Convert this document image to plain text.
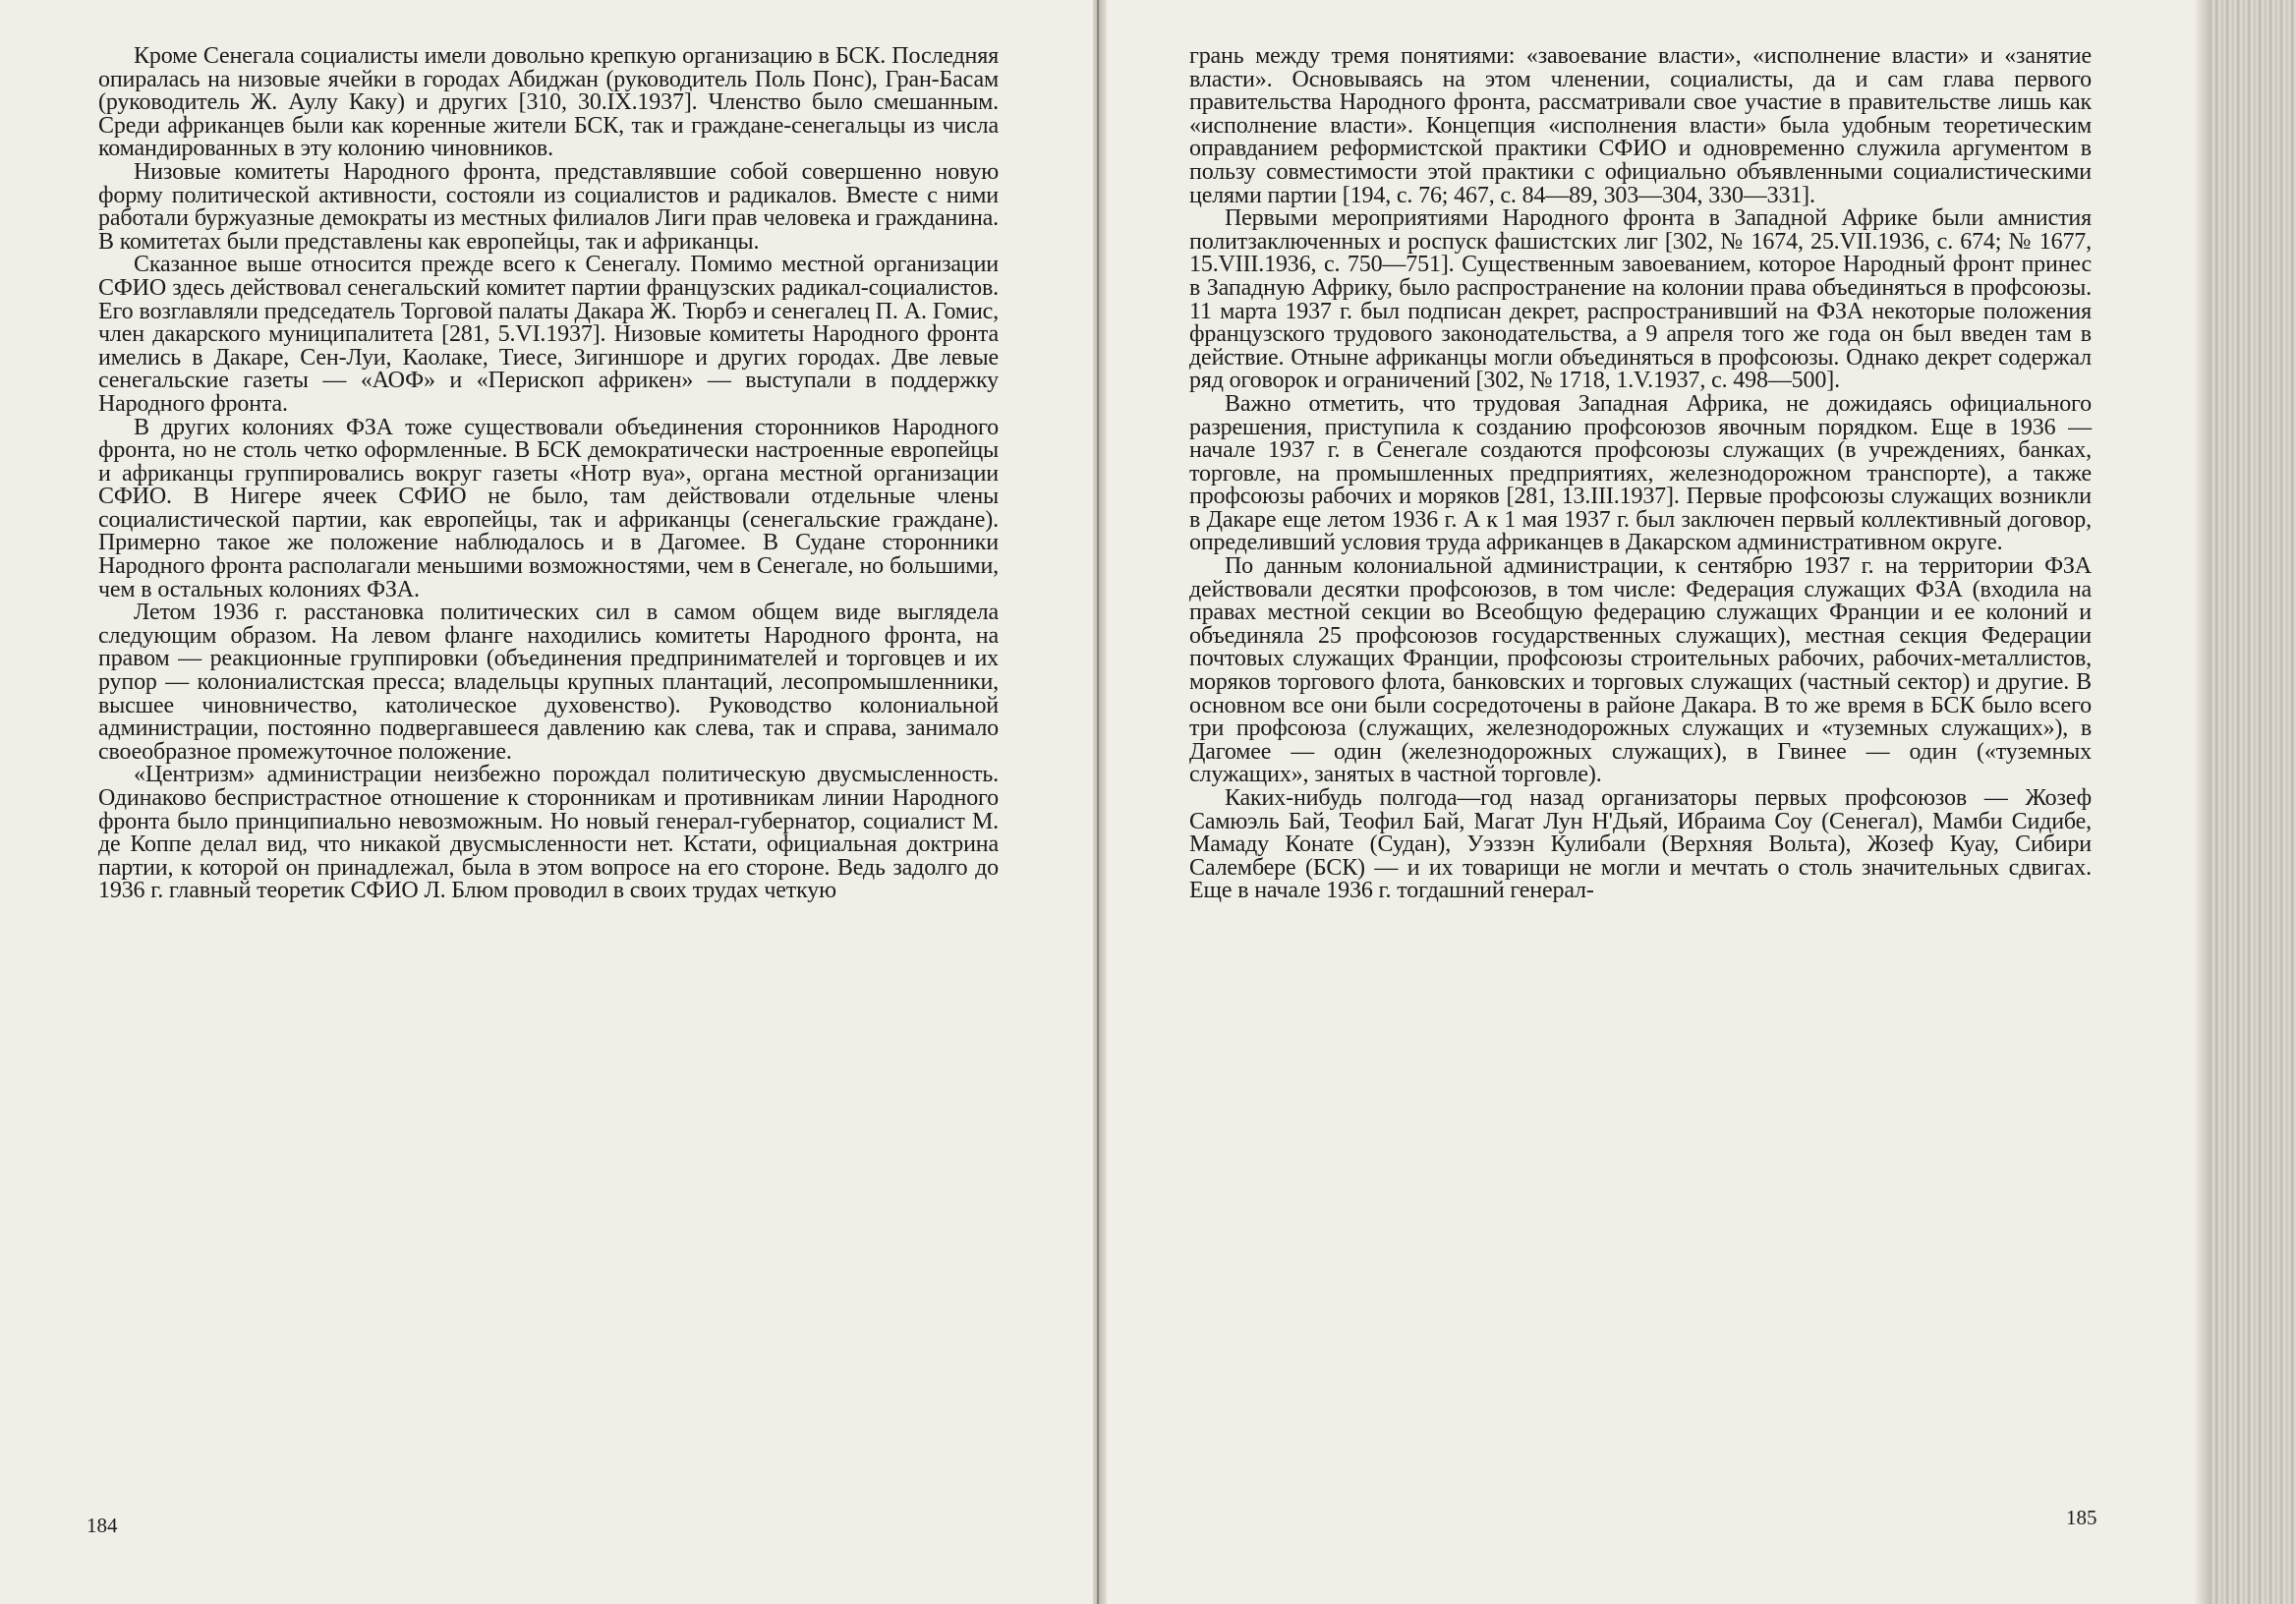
Кроме Сенегала социалисты имели довольно крепкую организацию в БСК. Последняя опиралась на низовые ячейки в городах Абиджан (руководитель Поль Понс), Гран-Басам (руководитель Ж. Аулу Каку) и других [310, 30.IX.1937]. Членство было смешанным. Среди африканцев были как коренные жители БСК, так и граждане-сенегальцы из числа командированных в эту колонию чиновников.

Низовые комитеты Народного фронта, представлявшие собой совершенно новую форму политической активности, состояли из социалистов и радикалов. Вместе с ними работали буржуазные демократы из местных филиалов Лиги прав человека и гражданина. В комитетах были представлены как европейцы, так и африканцы.

Сказанное выше относится прежде всего к Сенегалу. Помимо местной организации СФИО здесь действовал сенегальский комитет партии французских радикал-социалистов. Его возглавляли председатель Торговой палаты Дакара Ж. Тюрбэ и сенегалец П. А. Гомис, член дакарского муниципалитета [281, 5.VI.1937]. Низовые комитеты Народного фронта имелись в Дакаре, Сен-Луи, Каолаке, Тиесе, Зигиншоре и других городах. Две левые сенегальские газеты — «АОФ» и «Перископ африкен» — выступали в поддержку Народного фронта.

В других колониях ФЗА тоже существовали объединения сторонников Народного фронта, но не столь четко оформленные. В БСК демократически настроенные европейцы и африканцы группировались вокруг газеты «Нотр вуа», органа местной организации СФИО. В Нигере ячеек СФИО не было, там действовали отдельные члены социалистической партии, как европейцы, так и африканцы (сенегальские граждане). Примерно такое же положение наблюдалось и в Дагомее. В Судане сторонники Народного фронта располагали меньшими возможностями, чем в Сенегале, но большими, чем в остальных колониях ФЗА.

Летом 1936 г. расстановка политических сил в самом общем виде выглядела следующим образом. На левом фланге находились комитеты Народного фронта, на правом — реакционные группировки (объединения предпринимателей и торговцев и их рупор — колониалистская пресса; владельцы крупных плантаций, лесопромышленники, высшее чиновничество, католическое духовенство). Руководство колониальной администрации, постоянно подвергавшееся давлению как слева, так и справа, занимало своеобразное промежуточное положение.

«Центризм» администрации неизбежно порождал политическую двусмысленность. Одинаково беспристрастное отношение к сторонникам и противникам линии Народного фронта было принципиально невозможным. Но новый генерал-губернатор, социалист М. де Коппе делал вид, что никакой двусмысленности нет. Кстати, официальная доктрина партии, к которой он принадлежал, была в этом вопросе на его стороне. Ведь задолго до 1936 г. главный теоретик СФИО Л. Блюм проводил в своих трудах четкую

184

грань между тремя понятиями: «завоевание власти», «исполнение власти» и «занятие власти». Основываясь на этом членении, социалисты, да и сам глава первого правительства Народного фронта, рассматривали свое участие в правительстве лишь как «исполнение власти». Концепция «исполнения власти» была удобным теоретическим оправданием реформистской практики СФИО и одновременно служила аргументом в пользу совместимости этой практики с официально объявленными социалистическими целями партии [194, с. 76; 467, с. 84—89, 303—304, 330—331].

Первыми мероприятиями Народного фронта в Западной Африке были амнистия политзаключенных и роспуск фашистских лиг [302, № 1674, 25.VII.1936, с. 674; № 1677, 15.VIII.1936, с. 750—751]. Существенным завоеванием, которое Народный фронт принес в Западную Африку, было распространение на колонии права объединяться в профсоюзы. 11 марта 1937 г. был подписан декрет, распространивший на ФЗА некоторые положения французского трудового законодательства, а 9 апреля того же года он был введен там в действие. Отныне африканцы могли объединяться в профсоюзы. Однако декрет содержал ряд оговорок и ограничений [302, № 1718, 1.V.1937, с. 498—500].

Важно отметить, что трудовая Западная Африка, не дожидаясь официального разрешения, приступила к созданию профсоюзов явочным порядком. Еще в 1936 — начале 1937 г. в Сенегале создаются профсоюзы служащих (в учреждениях, банках, торговле, на промышленных предприятиях, железнодорожном транспорте), а также профсоюзы рабочих и моряков [281, 13.III.1937]. Первые профсоюзы служащих возникли в Дакаре еще летом 1936 г. А к 1 мая 1937 г. был заключен первый коллективный договор, определивший условия труда африканцев в Дакарском административном округе.

По данным колониальной администрации, к сентябрю 1937 г. на территории ФЗА действовали десятки профсоюзов, в том числе: Федерация служащих ФЗА (входила на правах местной секции во Всеобщую федерацию служащих Франции и ее колоний и объединяла 25 профсоюзов государственных служащих), местная секция Федерации почтовых служащих Франции, профсоюзы строительных рабочих, рабочих-металлистов, моряков торгового флота, банковских и торговых служащих (частный сектор) и другие. В основном все они были сосредоточены в районе Дакара. В то же время в БСК было всего три профсоюза (служащих, железнодорожных служащих и «туземных служащих»), в Дагомее — один (железнодорожных служащих), в Гвинее — один («туземных служащих», занятых в частной торговле).

Каких-нибудь полгода—год назад организаторы первых профсоюзов — Жозеф Самюэль Бай, Теофил Бай, Магат Лун Н'Дьяй, Ибраима Соу (Сенегал), Мамби Сидибе, Мамаду Конате (Судан), Уэззэн Кулибали (Верхняя Вольта), Жозеф Куау, Сибири Салембере (БСК) — и их товарищи не могли и мечтать о столь значительных сдвигах. Еще в начале 1936 г. тогдашний генерал-

185
